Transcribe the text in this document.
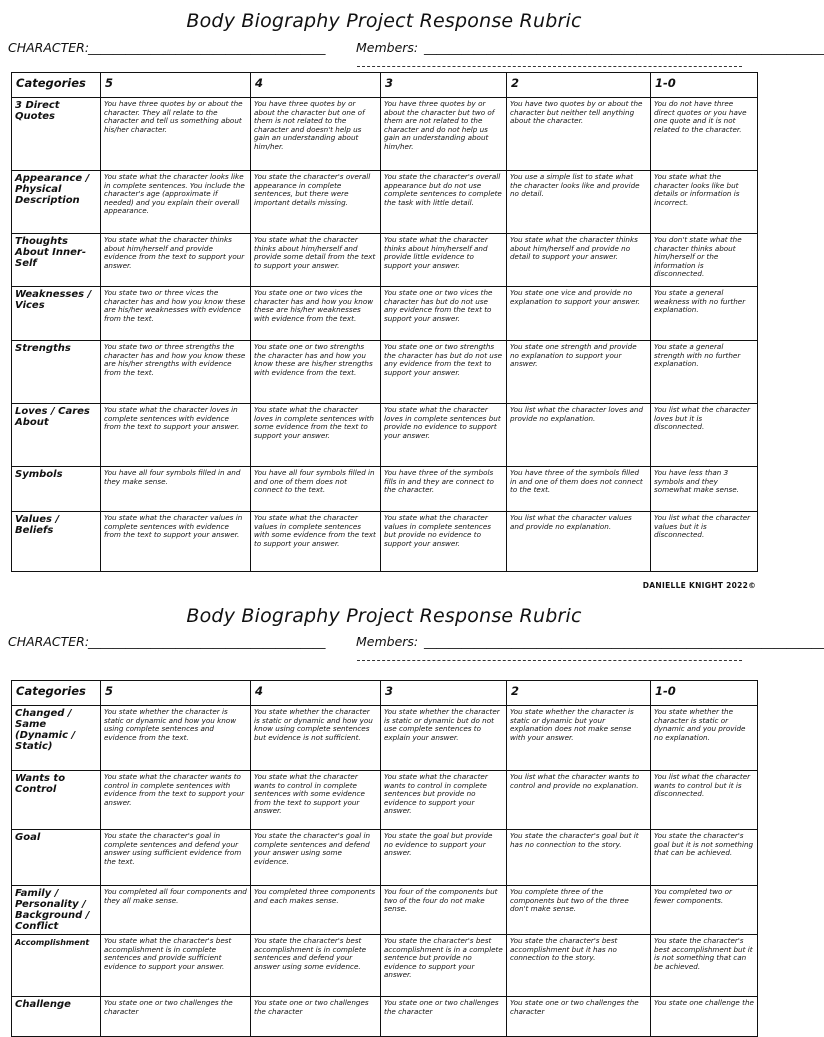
Body Biography Project Response Rubric
CHARACTER:
______________________________________ Members: ________________________________________________________________
Categories	5	4	3	2	1-0
3 Direct Quotes	You have three quotes by or about the character. They all relate to the character and tell us something about his/her character.	You have three quotes by or about the character but one of them is not related to the character and doesn't help us gain an understanding about him/her.	You have three quotes by or about the character but two of them are not related to the character and do not help us gain an understanding about him/her.	You have two quotes by or about the character but neither tell anything about the character.	You do not have three direct quotes or you have one quote and it is not related to the character.
Appearance / Physical Description	You state what the character looks like in complete sentences. You include the character's age (approximate if needed) and you explain their overall appearance.	You state the character's overall appearance in complete sentences, but there were important details missing.	You state the character's overall appearance but do not use complete sentences to complete the task with little detail.	You use a simple list to state what the character looks like and provide no detail.	You state what the character looks like but details or information is incorrect.
Thoughts About Inner-Self	You state what the character thinks about him/herself and provide evidence from the text to support your answer.	You state what the character thinks about him/herself and provide some detail from the text to support your answer.	You state what the character thinks about him/herself and provide little evidence to support your answer.	You state what the character thinks about him/herself and provide no detail to support your answer.	You don't state what the character thinks about him/herself or the information is disconnected.
Weaknesses / Vices	You state two or three vices the character has and how you know these are his/her weaknesses with evidence from the text.	You state one or two vices the character has and how you know these are his/her weaknesses with evidence from the text.	You state one or two vices the character has but do not use any evidence from the text to support your answer.	You state one vice and provide no explanation to support your answer.	You state a general weakness with no further explanation.
Strengths	You state two or three strengths the character has and how you know these are his/her strengths with evidence from the text.	You state one or two strengths the character has and how you know these are his/her strengths with evidence from the text.	You state one or two strengths the character has but do not use any evidence from the text to support your answer.	You state one strength and provide no explanation to support your answer.	You state a general strength with no further explanation.
Loves / Cares About	You state what the character loves in complete sentences with evidence from the text to support your answer.	You state what the character loves in complete sentences with some evidence from the text to support your answer.	You state what the character loves in complete sentences but provide no evidence to support your answer.	You list what the character loves and provide no explanation.	You list what the character loves but it is disconnected.
Symbols	You have all four symbols filled in and they make sense.	You have all four symbols filled in and one of them does not connect to the text.	You have three of the symbols fills in and they are connect to the character.	You have three of the symbols filled in and one of them does not connect to the text.	You have less than 3 symbols and they somewhat make sense.
Values / Beliefs	You state what the character values in complete sentences with evidence from the text to support your answer.	You state what the character values in complete sentences with some evidence from the text to support your answer.	You state what the character values in complete sentences but provide no evidence to support your answer.	You list what the character values and provide no explanation.	You list what the character values but it is disconnected.
DANIELLE KNIGHT 2022©
Body Biography Project Response Rubric
CHARACTER:
______________________________________ Members: ________________________________________________________________
Categories	5	4	3	2	1-0
Changed / Same (Dynamic / Static)	You state whether the character is static or dynamic and how you know using complete sentences and evidence from the text.	You state whether the character is static or dynamic and how you know using complete sentences but evidence is not sufficient.	You state whether the character is static or dynamic but do not use complete sentences to explain your answer.	You state whether the character is static or dynamic but your explanation does not make sense with your answer.	You state whether the character is static or dynamic and you provide no explanation.
Wants to Control	You state what the character wants to control in complete sentences with evidence from the text to support your answer.	You state what the character wants to control in complete sentences with some evidence from the text to support your answer.	You state what the character wants to control in complete sentences but provide no evidence to support your answer.	You list what the character wants to control and provide no explanation.	You list what the character wants to control but it is disconnected.
Goal	You state the character's goal in complete sentences and defend your answer using sufficient evidence from the text.	You state the character's goal in complete sentences and defend your answer using some evidence.	You state the goal but provide no evidence to support your answer.	You state the character's goal but it has no connection to the story.	You state the character's goal but it is not something that can be achieved.
Family / Personality / Background / Conflict	You completed all four components and they all make sense.	You completed three components and each makes sense.	You four of the components but two of the four do not make sense.	You complete three of the components but two of the three don't make sense.	You completed two or fewer components.
Accomplishment	You state what the character's best accomplishment is in complete sentences and provide sufficient evidence to support your answer.	You state the character's best accomplishment is in complete sentences and defend your answer using some evidence.	You state the character's best accomplishment is in a complete sentence but provide no evidence to support your answer.	You state the character's best accomplishment but it has no connection to the story.	You state the character's best accomplishment but it is not something that can be achieved.
Challenge	You state one or two challenges the character	You state one or two challenges the character	You state one or two challenges the character	You state one or two challenges the character	You state one challenge the
